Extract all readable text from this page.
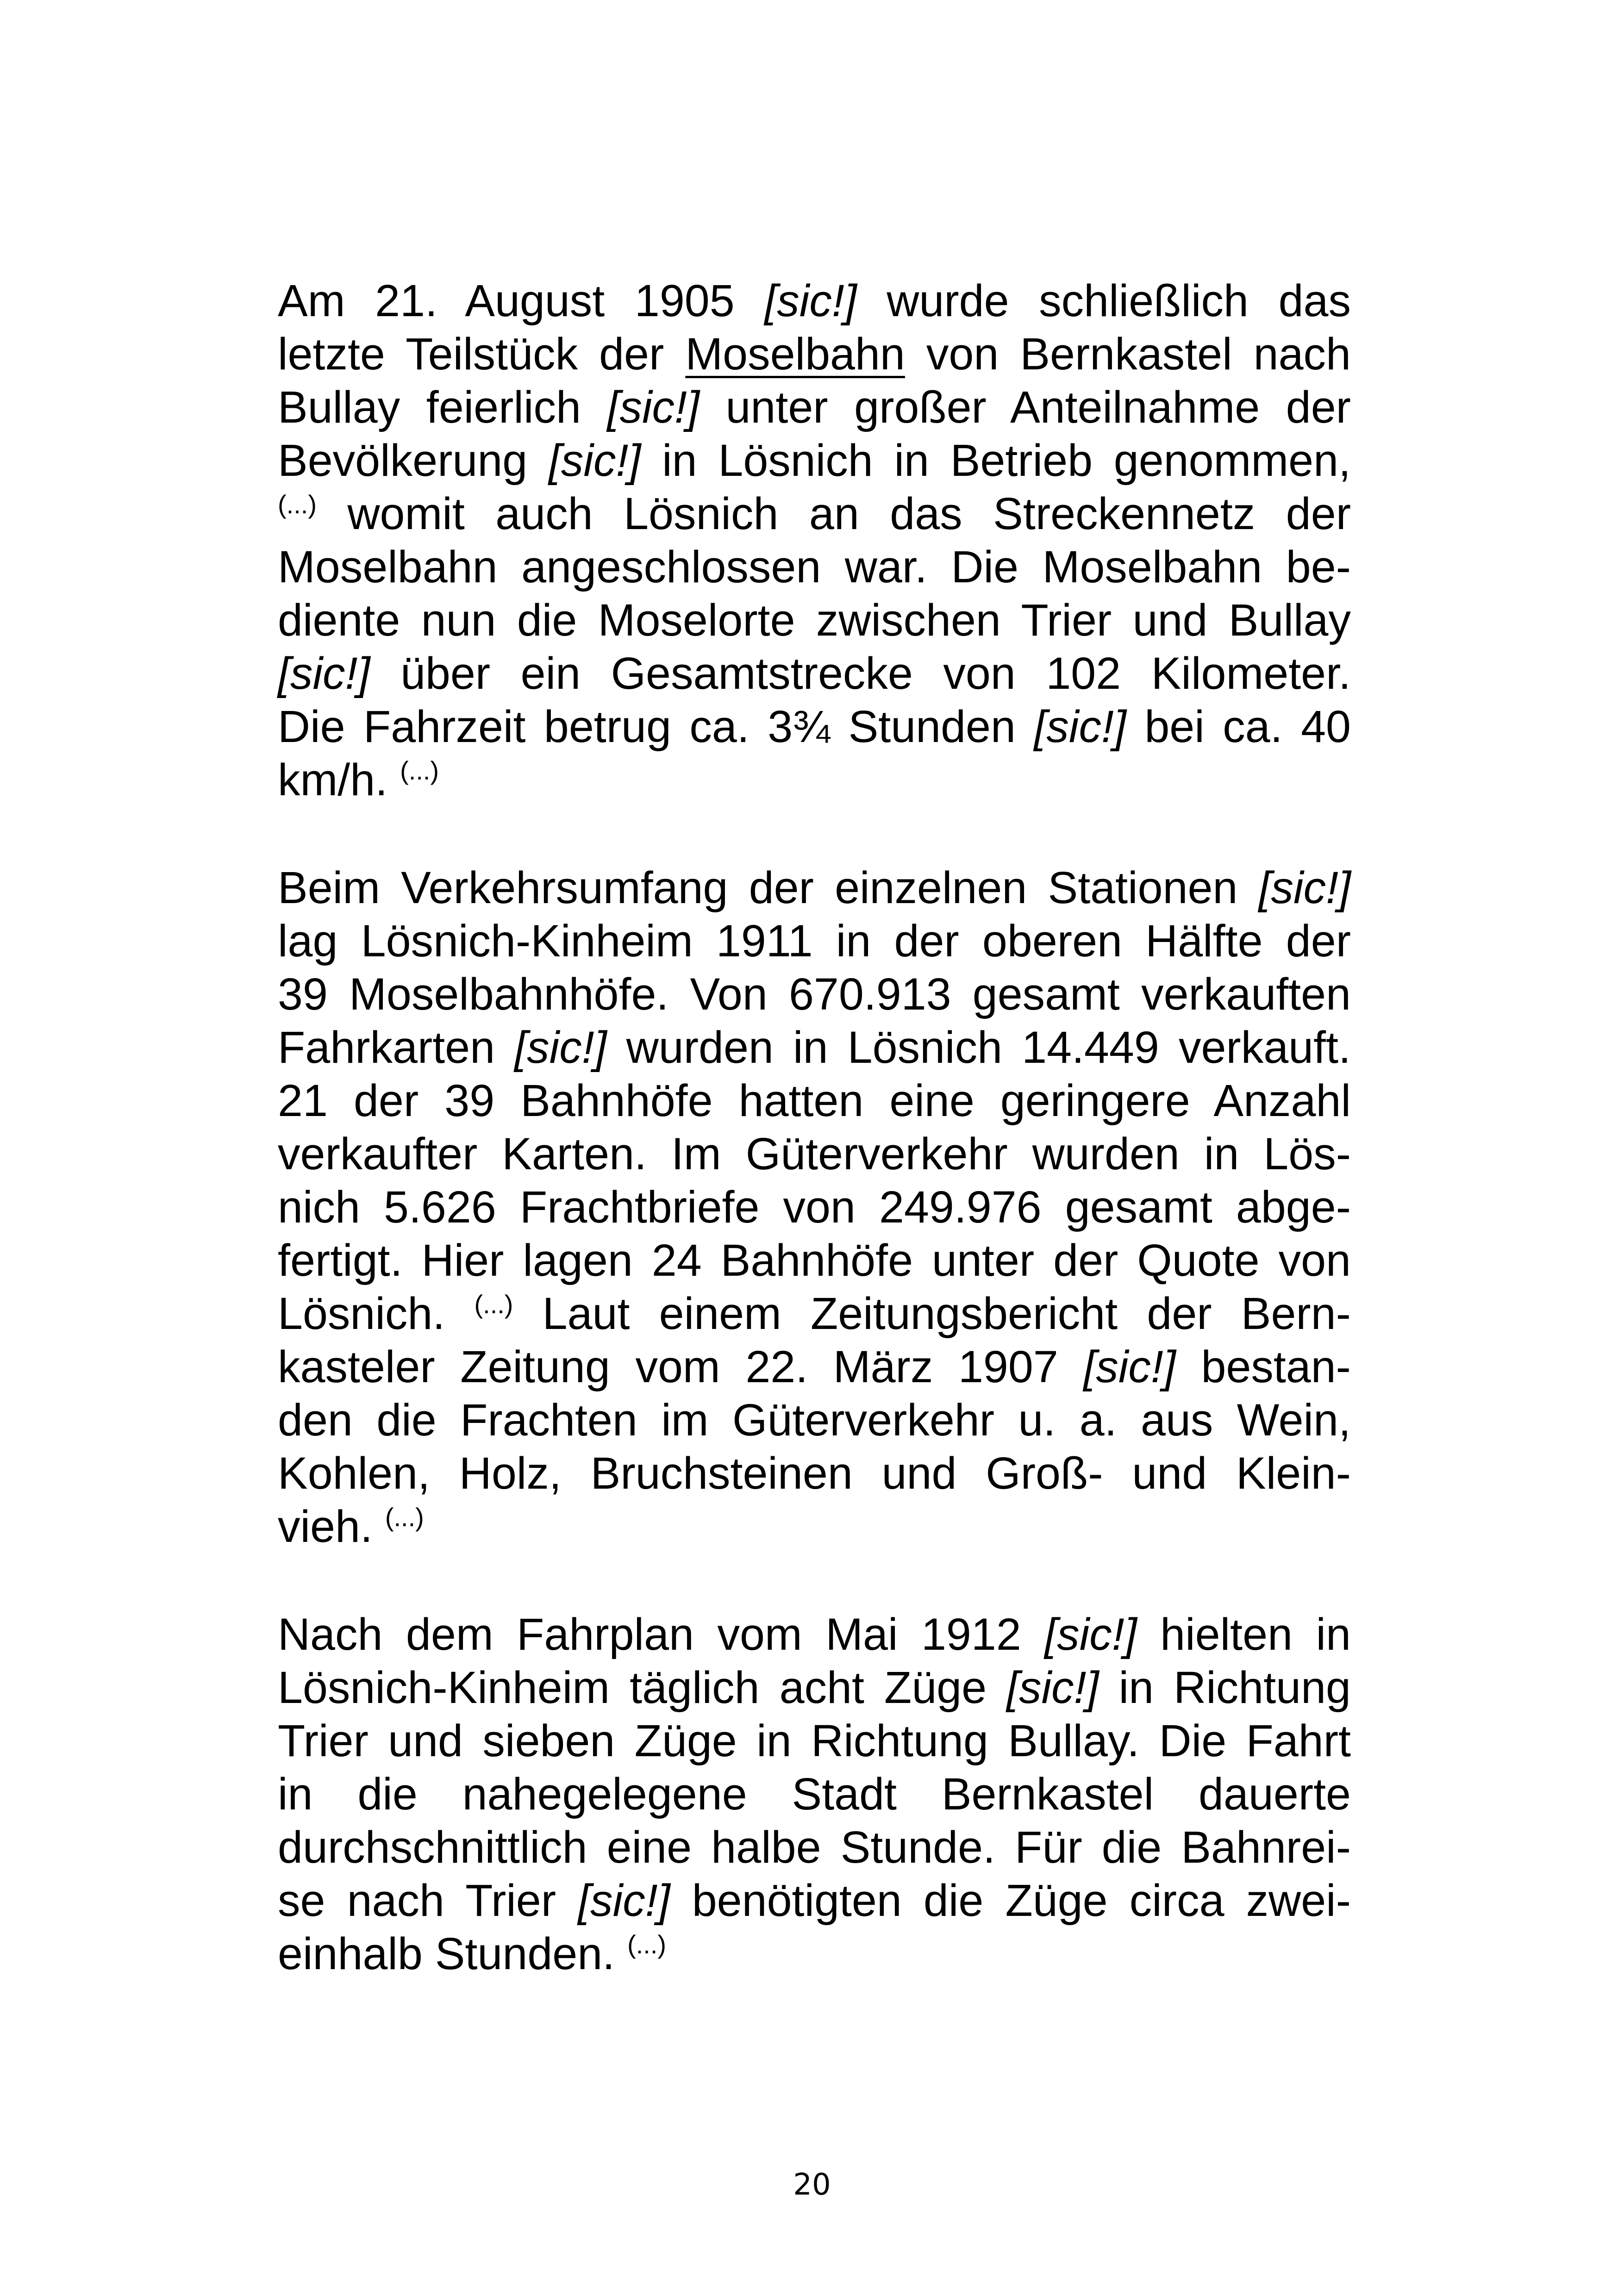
Am 21. August 1905 [sic!] wurde schließlich das
letzte Teilstück der Moselbahn von Bernkastel nach
Bullay feierlich [sic!] unter großer Anteilnahme der
Bevölkerung [sic!] in Lösnich in Betrieb genommen,
(...) womit auch Lösnich an das Streckennetz der
Moselbahn angeschlossen war. Die Moselbahn be-
diente nun die Moselorte zwischen Trier und Bullay
[sic!] über ein Gesamtstrecke von 102 Kilometer.
Die Fahrzeit betrug ca. 3¾ Stunden [sic!] bei ca. 40
km/h. (...)

Beim Verkehrsumfang der einzelnen Stationen [sic!]
lag Lösnich-Kinheim 1911 in der oberen Hälfte der
39 Moselbahnhöfe. Von 670.913 gesamt verkauften
Fahrkarten [sic!] wurden in Lösnich 14.449 verkauft.
21 der 39 Bahnhöfe hatten eine geringere Anzahl
verkaufter Karten. Im Güterverkehr wurden in Lös-
nich 5.626 Frachtbriefe von 249.976 gesamt abge-
fertigt. Hier lagen 24 Bahnhöfe unter der Quote von
Lösnich. (...) Laut einem Zeitungsbericht der Bern-
kasteler Zeitung vom 22. März 1907 [sic!] bestan-
den die Frachten im Güterverkehr u. a. aus Wein,
Kohlen, Holz, Bruchsteinen und Groß- und Klein-
vieh. (...)

Nach dem Fahrplan vom Mai 1912 [sic!] hielten in
Lösnich-Kinheim täglich acht Züge [sic!] in Richtung
Trier und sieben Züge in Richtung Bullay. Die Fahrt
in die nahegelegene Stadt Bernkastel dauerte
durchschnittlich eine halbe Stunde. Für die Bahnrei-
se nach Trier [sic!] benötigten die Züge circa zwei-
einhalb Stunden. (...)

20
